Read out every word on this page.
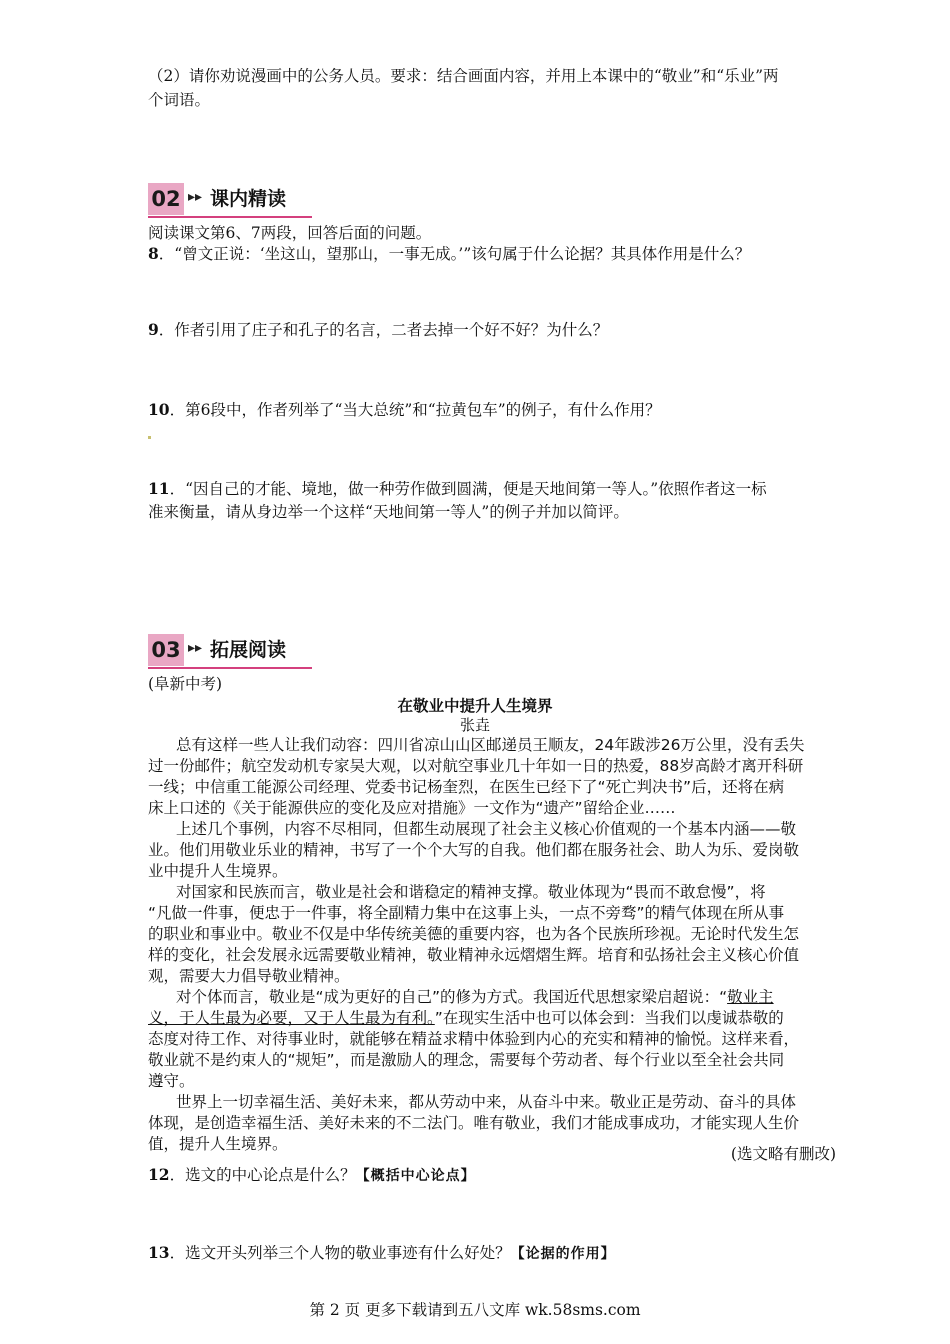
（2）请你劝说漫画中的公务人员。要求：结合画面内容，并用上本课中的“敬业”和“乐业”两
个词语。
02 ▸▸ 课内精读
阅读课文第6、7两段，回答后面的问题。
8．“曾文正说：‘坐这山，望那山，一事无成。’”该句属于什么论据？其具体作用是什么？
9．作者引用了庄子和孔子的名言，二者去掉一个好不好？为什么？
10．第6段中，作者列举了“当大总统”和“拉黄包车”的例子，有什么作用？
11．“因自己的才能、境地，做一种劳作做到圆满，便是天地间第一等人。”依照作者这一标
准来衡量，请从身边举一个这样“天地间第一等人”的例子并加以简评。
03 ▸▸ 拓展阅读
(阜新中考)
在敬业中提升人生境界
张垚
总有这样一些人让我们动容：四川省凉山山区邮递员王顺友，24年跋涉26万公里，没有丢失
过一份邮件；航空发动机专家吴大观，以对航空事业几十年如一日的热爱，88岁高龄才离开科研
一线；中信重工能源公司经理、党委书记杨奎烈，在医生已经下了“死亡判决书”后，还将在病
床上口述的《关于能源供应的变化及应对措施》一文作为“遗产”留给企业……
上述几个事例，内容不尽相同，但都生动展现了社会主义核心价值观的一个基本内涵——敬
业。他们用敬业乐业的精神，书写了一个个大写的自我。他们都在服务社会、助人为乐、爱岗敬
业中提升人生境界。
对国家和民族而言，敬业是社会和谐稳定的精神支撑。敬业体现为“畏而不敢怠慢”，将
“凡做一件事，便忠于一件事，将全副精力集中在这事上头，一点不旁骛”的精气体现在所从事
的职业和事业中。敬业不仅是中华传统美德的重要内容，也为各个民族所珍视。无论时代发生怎
样的变化，社会发展永远需要敬业精神，敬业精神永远熠熠生辉。培育和弘扬社会主义核心价值
观，需要大力倡导敬业精神。
对个体而言，敬业是“成为更好的自己”的修为方式。我国近代思想家梁启超说：“敬业主
义，于人生最为必要，又于人生最为有利。”在现实生活中也可以体会到：当我们以虔诚恭敬的
态度对待工作、对待事业时，就能够在精益求精中体验到内心的充实和精神的愉悦。这样来看，
敬业就不是约束人的“规矩”，而是激励人的理念，需要每个劳动者、每个行业以至全社会共同
遵守。
世界上一切幸福生活、美好未来，都从劳动中来，从奋斗中来。敬业正是劳动、奋斗的具体
体现，是创造幸福生活、美好未来的不二法门。唯有敬业，我们才能成事成功，才能实现人生价
值，提升人生境界。
(选文略有删改)
12．选文的中心论点是什么？【概括中心论点】
13．选文开头列举三个人物的敬业事迹有什么好处？【论据的作用】
第 2 页 更多下载请到五八文库 wk.58sms.com
